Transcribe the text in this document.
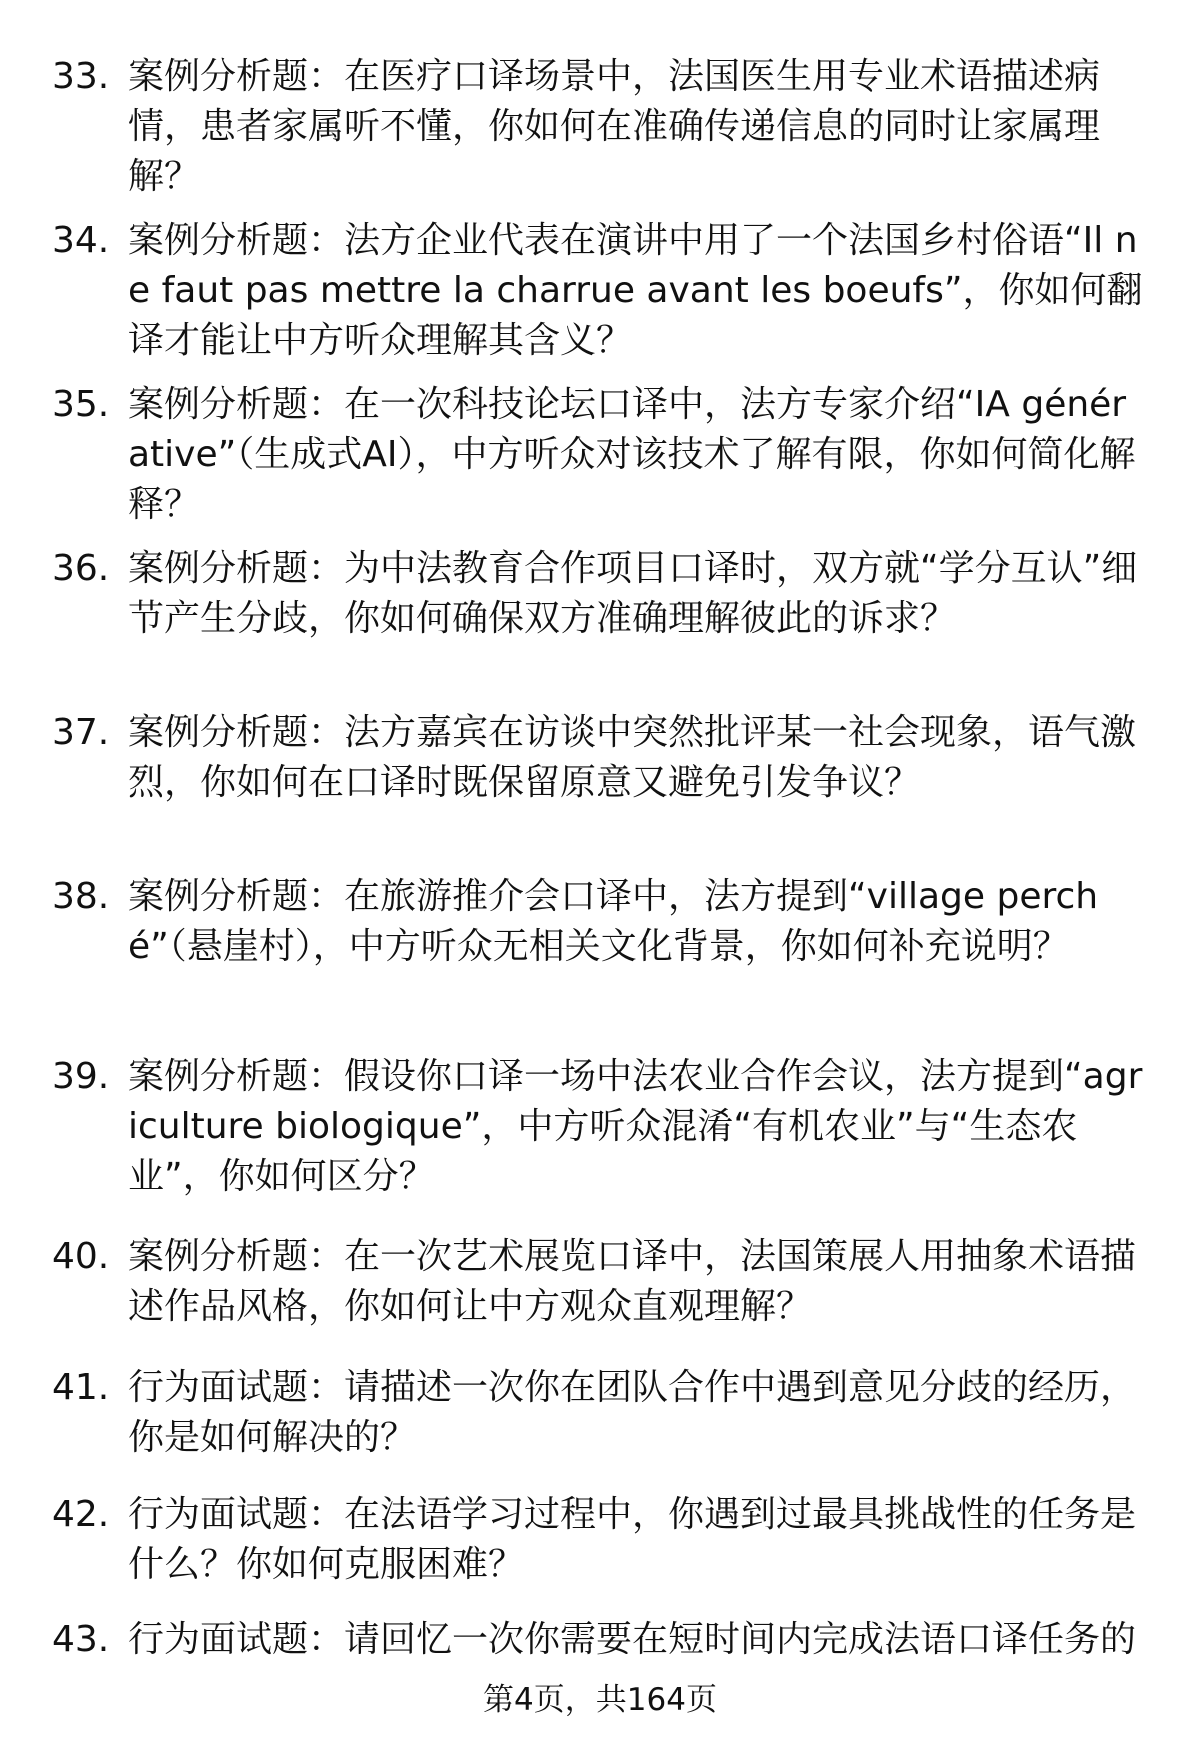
33. 案例分析题：在医疗口译场景中，法国医生用专业术语描述病情，患者家属听不懂，你如何在准确传递信息的同时让家属理解？
34. 案例分析题：法方企业代表在演讲中用了一个法国乡村俗语“Il ne faut pas mettre la charrue avant les boeufs”，你如何翻译才能让中方听众理解其含义？
35. 案例分析题：在一次科技论坛口译中，法方专家介绍“IA générative”（生成式AI），中方听众对该技术了解有限，你如何简化解释？
36. 案例分析题：为中法教育合作项目口译时，双方就“学分互认”细节产生分歧，你如何确保双方准确理解彼此的诉求？
37. 案例分析题：法方嘉宾在访谈中突然批评某一社会现象，语气激烈，你如何在口译时既保留原意又避免引发争议？
38. 案例分析题：在旅游推介会口译中，法方提到“village perché”（悬崖村），中方听众无相关文化背景，你如何补充说明？
39. 案例分析题：假设你口译一场中法农业合作会议，法方提到“agriculture biologique”，中方听众混淆“有机农业”与“生态农业”，你如何区分？
40. 案例分析题：在一次艺术展览口译中，法国策展人用抽象术语描述作品风格，你如何让中方观众直观理解？
41. 行为面试题：请描述一次你在团队合作中遇到意见分歧的经历，你是如何解决的？
42. 行为面试题：在法语学习过程中，你遇到过最具挑战性的任务是什么？你如何克服困难？
43. 行为面试题：请回忆一次你需要在短时间内完成法语口译任务的
第4页，共164页
